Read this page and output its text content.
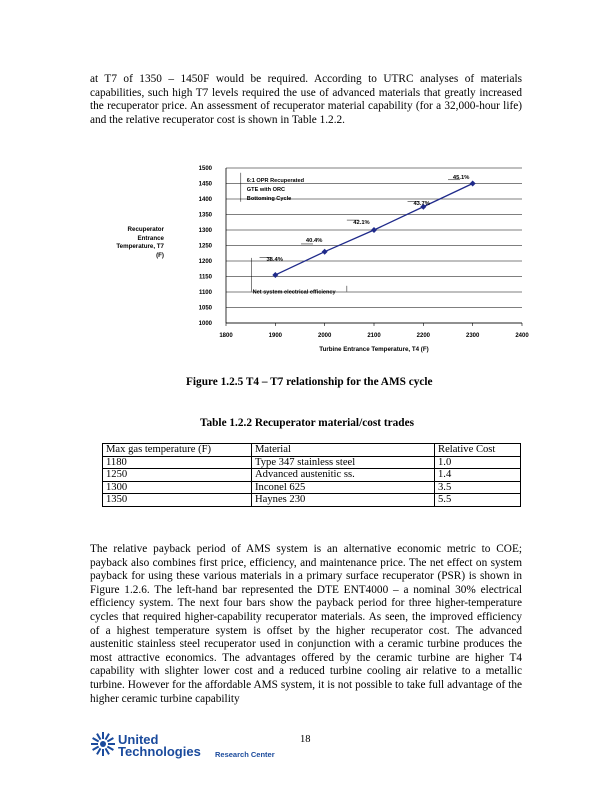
at T7 of 1350 – 1450F would be required. According to UTRC analyses of materials capabilities, such high T7 levels required the use of advanced materials that greatly increased the recuperator price. An assessment of recuperator material capability (for a 32,000-hour life) and the relative recuperator cost is shown in Table 1.2.2.

Recuperator
Entrance
Temperature, T7
(F)
1000
1050
1100
1150
1200
1250
1300
1350
1400
1450
1500
1800	1900	2000	2100	2200	2300	2400
Turbine Entrance Temperature, T4 (F)
6:1 OPR Recuperated
GTE with ORC
Bottoming Cycle
38.4%
40.4%
42.1%
43.7%
45.1%
Net system electrical efficiency
Figure 1.2.5 T4 – T7 relationship for the AMS cycle
Table 1.2.2 Recuperator material/cost trades
Max gas temperature (F)	Material	Relative Cost
1180	Type 347 stainless steel	1.0
1250	Advanced austenitic ss.	1.4
1300	Inconel 625	3.5
1350	Haynes 230	5.5

The relative payback period of AMS system is an alternative economic metric to COE; payback also combines first price, efficiency, and maintenance price. The net effect on system payback for using these various materials in a primary surface recuperator (PSR) is shown in Figure 1.2.6. The left-hand bar represented the DTE ENT4000 – a nominal 30% electrical efficiency system. The next four bars show the payback period for three higher-temperature cycles that required higher-capability recuperator materials. As seen, the improved efficiency of a highest temperature system is offset by the higher recuperator cost. The advanced austenitic stainless steel recuperator used in conjunction with a ceramic turbine produces the most attractive economics. The advantages offered by the ceramic turbine are higher T4 capability with slighter lower cost and a reduced turbine cooling air relative to a metallic turbine. However for the affordable AMS system, it is not possible to take full advantage of the higher ceramic turbine capability

United
Technologies Research Center
18
